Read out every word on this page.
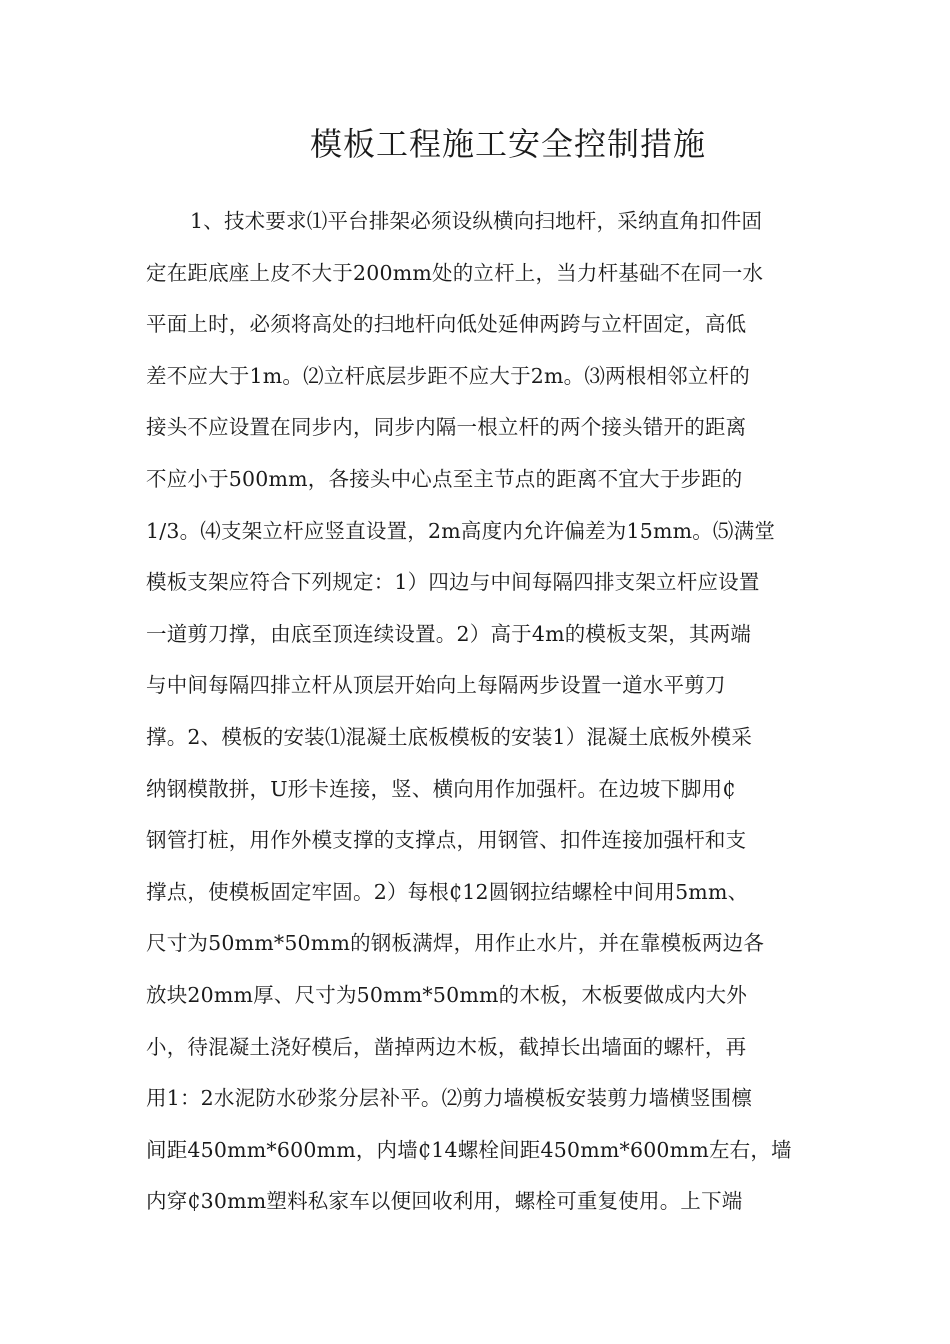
模板工程施工安全控制措施
1、技术要求⑴平台排架必须设纵横向扫地杆，采纳直角扣件固
定在距底座上皮不大于200mm处的立杆上，当力杆基础不在同一水
平面上时，必须将高处的扫地杆向低处延伸两跨与立杆固定，高低
差不应大于1m。⑵立杆底层步距不应大于2m。⑶两根相邻立杆的
接头不应设置在同步内，同步内隔一根立杆的两个接头错开的距离
不应小于500mm，各接头中心点至主节点的距离不宜大于步距的
1/3。⑷支架立杆应竖直设置，2m高度内允许偏差为15mm。⑸满堂
模板支架应符合下列规定：1）四边与中间每隔四排支架立杆应设置
一道剪刀撑，由底至顶连续设置。2）高于4m的模板支架，其两端
与中间每隔四排立杆从顶层开始向上每隔两步设置一道水平剪刀
撑。2、模板的安装⑴混凝土底板模板的安装1）混凝土底板外模采
纳钢模散拼，U形卡连接，竖、横向用作加强杆。在边坡下脚用₵
钢管打桩，用作外模支撑的支撑点，用钢管、扣件连接加强杆和支
撑点，使模板固定牢固。2）每根₵12圆钢拉结螺栓中间用5mm、
尺寸为50mm*50mm的钢板满焊，用作止水片，并在靠模板两边各
放块20mm厚、尺寸为50mm*50mm的木板，木板要做成内大外
小，待混凝土浇好模后，凿掉两边木板，截掉长出墙面的螺杆，再
用1：2水泥防水砂浆分层补平。⑵剪力墙模板安装剪力墙横竖围檩
间距450mm*600mm，内墙₵14螺栓间距450mm*600mm左右，墙
内穿₵30mm塑料私家车以便回收利用，螺栓可重复使用。上下端
